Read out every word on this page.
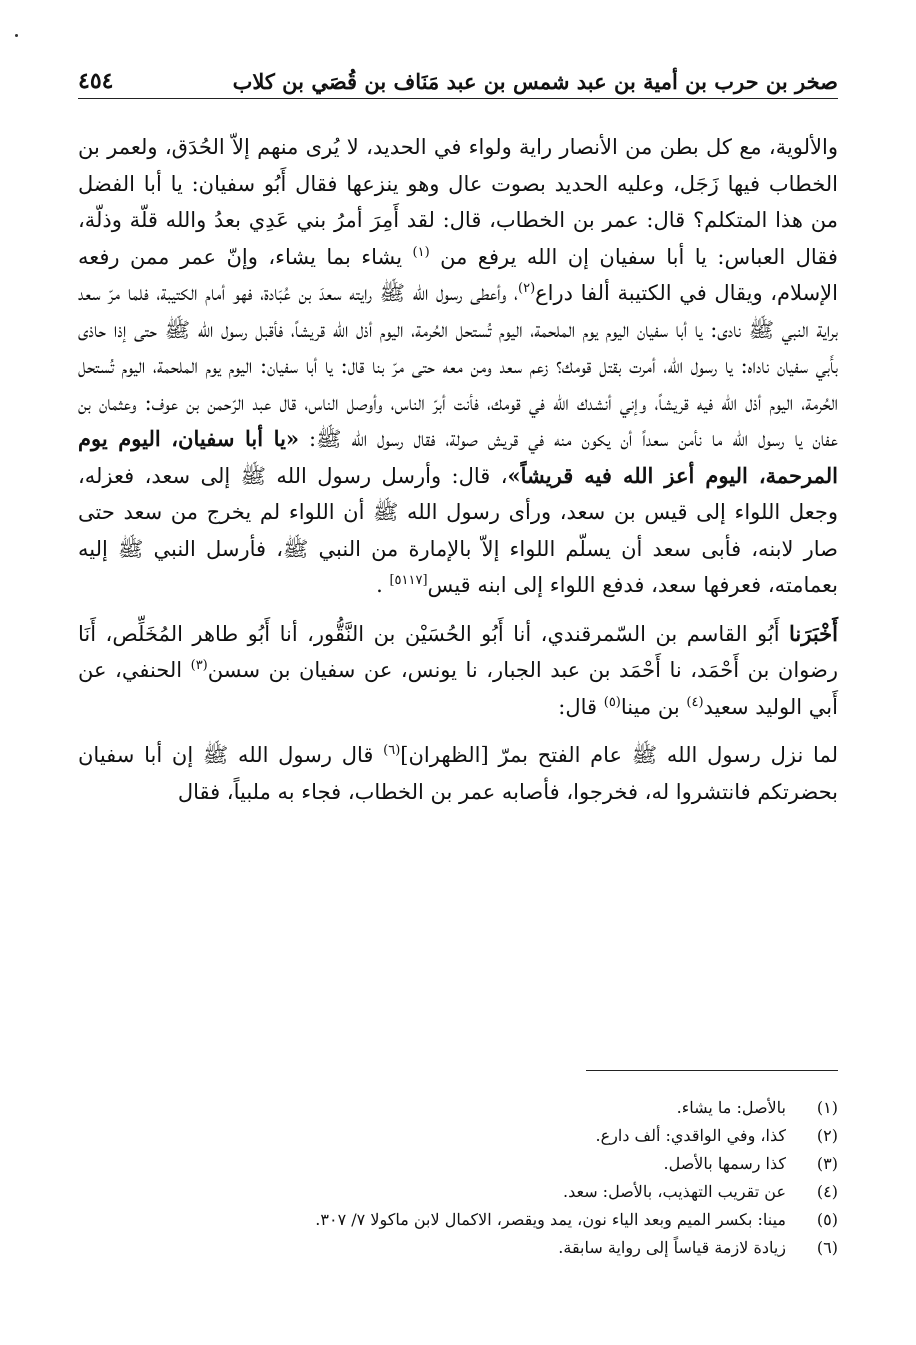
صخر بن حرب بن أمية بن عبد شمس بن عبد مَنَاف بن قُصَي بن كلاب
٤٥٤

والألوية، مع كل بطن من الأنصار راية ولواء في الحديد، لا يُرى منهم إلاّ الحُدَق، ولعمر بن الخطاب فيها زَجَل، وعليه الحديد بصوت عال وهو ينزعها فقال أَبُو سفيان: يا أبا الفضل من هذا المتكلم؟ قال: عمر بن الخطاب، قال: لقد أَمِرَ أمرُ بني عَدِي بعدُ والله قلّة وذلّة، فقال العباس: يا أبا سفيان إن الله يرفع من $^{(١)}$ يشاء بما يشاء، وإنّ عمر ممن رفعه الإسلام، ويقال في الكتيبة ألفا دراع$^{(٢)}$، وأعطى رسول الله ﷺ رايته سعدَ بن عُبَادة، فهو أمام الكتيبة، فلما مرّ سعد براية النبي ﷺ نادى: يا أبا سفيان اليوم يوم الملحمة، اليوم تُستحل الحُرمة، اليوم أذل الله قريشاً، فأقبل رسول الله ﷺ حتى إذا حاذى بأَبي سفيان ناداه: يا رسول الله، أمرت بقتل قومك؟ زعم سعد ومن معه حتى مرّ بنا قال: يا أبا سفيان: اليوم يوم الملحمة، اليوم تُستحل الحُرمة، اليوم أذل الله فيه قريشاً، وإني أنشدك الله في قومك، فأنت أبرّ الناس، وأوصل الناس، قال عبد الرّحمن بن عوف: وعثمان بن عفان يا رسول الله ما نأمن سعداً أن يكون منه في قريش صولة، فقال رسول الله ﷺ: «يا أبا سفيان، اليوم يوم المرحمة، اليوم أعز الله فيه قريشاً»، قال: وأرسل رسول الله ﷺ إلى سعد، فعزله، وجعل اللواء إلى قيس بن سعد، ورأى رسول الله ﷺ أن اللواء لم يخرج من سعد حتى صار لابنه، فأبى سعد أن يسلّم اللواء إلاّ بالإمارة من النبي ﷺ، فأرسل النبي ﷺ إليه بعمامته، فعرفها سعد، فدفع اللواء إلى ابنه قيس[٥١١٧] .

أَخْبَرَنا أَبُو القاسم بن السّمرقندي، أنا أَبُو الحُسَيْن بن النَّقُّور، أنا أَبُو طاهر المُخَلِّص، أَنَا رضوان بن أَحْمَد، نا أَحْمَد بن عبد الجبار، نا يونس، عن سفيان بن سسن$^{(٣)}$ الحنفي، عن أَبي الوليد سعيد$^{(٤)}$ بن مينا$^{(٥)}$ قال:

لما نزل رسول الله ﷺ عام الفتح بمرّ [الظهران]$^{(٦)}$ قال رسول الله ﷺ إن أبا سفيان بحضرتكم فانتشروا له، فخرجوا، فأصابه عمر بن الخطاب، فجاء به ملبياً، فقال

(١)
بالأصل: ما يشاء.
(٢)
كذا، وفي الواقدي: ألف دارع.
(٣)
كذا رسمها بالأصل.
(٤)
عن تقريب التهذيب، بالأصل: سعد.
(٥)
مينا: بكسر الميم وبعد الياء نون، يمد ويقصر، الاكمال لابن ماكولا ٧/ ٣٠٧.
(٦)
زيادة لازمة قياساً إلى رواية سابقة.
